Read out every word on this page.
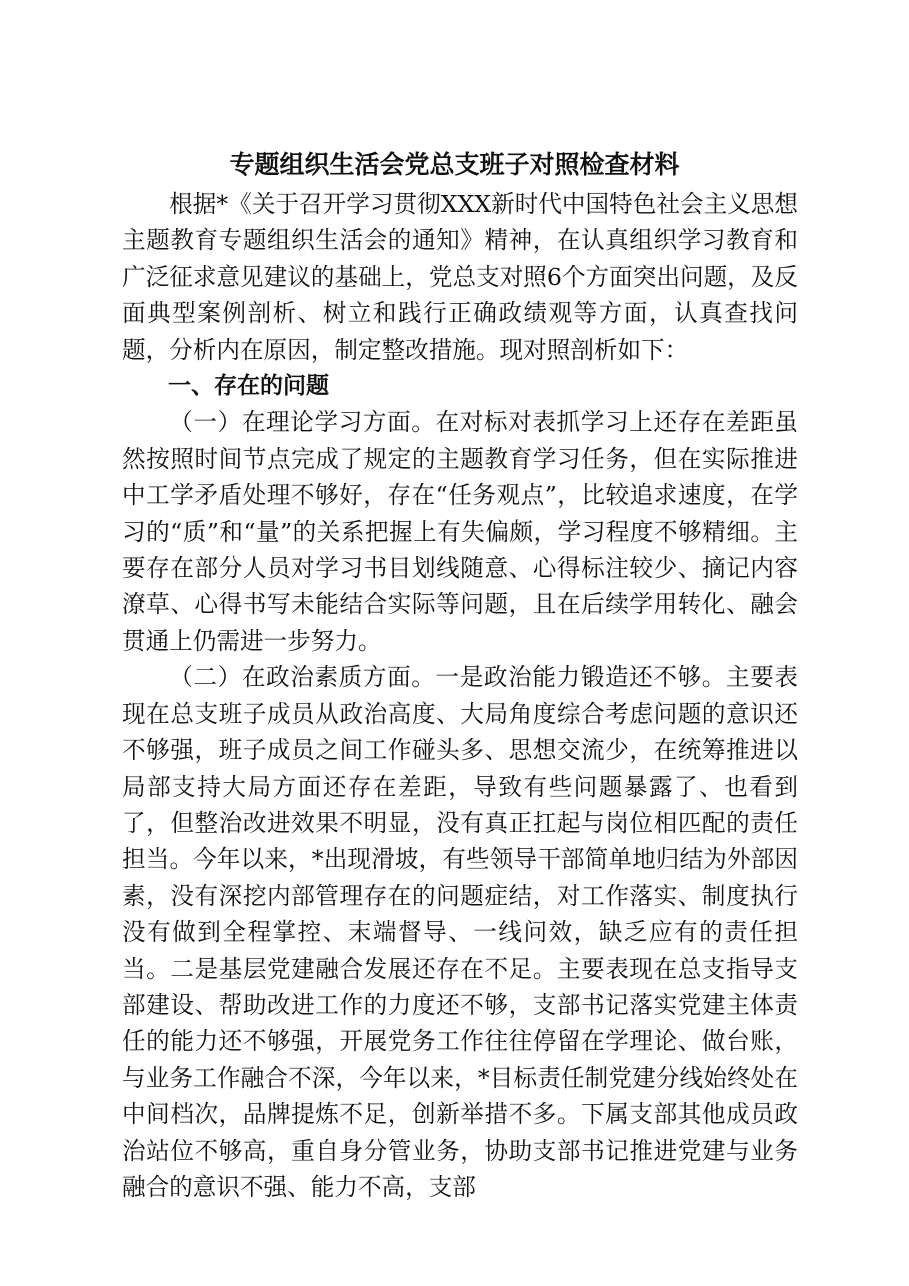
专题组织生活会党总支班子对照检查材料

根据*《关于召开学习贯彻XXX新时代中国特色社会主义思想主题教育专题组织生活会的通知》精神，在认真组织学习教育和广泛征求意见建议的基础上，党总支对照6个方面突出问题，及反面典型案例剖析、树立和践行正确政绩观等方面，认真查找问题，分析内在原因，制定整改措施。现对照剖析如下：

一、存在的问题

（一）在理论学习方面。在对标对表抓学习上还存在差距虽然按照时间节点完成了规定的主题教育学习任务，但在实际推进中工学矛盾处理不够好，存在“任务观点”，比较追求速度，在学习的“质”和“量”的关系把握上有失偏颇，学习程度不够精细。主要存在部分人员对学习书目划线随意、心得标注较少、摘记内容潦草、心得书写未能结合实际等问题，且在后续学用转化、融会贯通上仍需进一步努力。

（二）在政治素质方面。一是政治能力锻造还不够。主要表现在总支班子成员从政治高度、大局角度综合考虑问题的意识还不够强，班子成员之间工作碰头多、思想交流少，在统筹推进以局部支持大局方面还存在差距，导致有些问题暴露了、也看到了，但整治改进效果不明显，没有真正扛起与岗位相匹配的责任担当。今年以来，*出现滑坡，有些领导干部简单地归结为外部因素，没有深挖内部管理存在的问题症结，对工作落实、制度执行没有做到全程掌控、末端督导、一线问效，缺乏应有的责任担当。二是基层党建融合发展还存在不足。主要表现在总支指导支部建设、帮助改进工作的力度还不够，支部书记落实党建主体责任的能力还不够强，开展党务工作往往停留在学理论、做台账，与业务工作融合不深，今年以来，*目标责任制党建分线始终处在中间档次，品牌提炼不足，创新举措不多。下属支部其他成员政治站位不够高，重自身分管业务，协助支部书记推进党建与业务融合的意识不强、能力不高，支部
